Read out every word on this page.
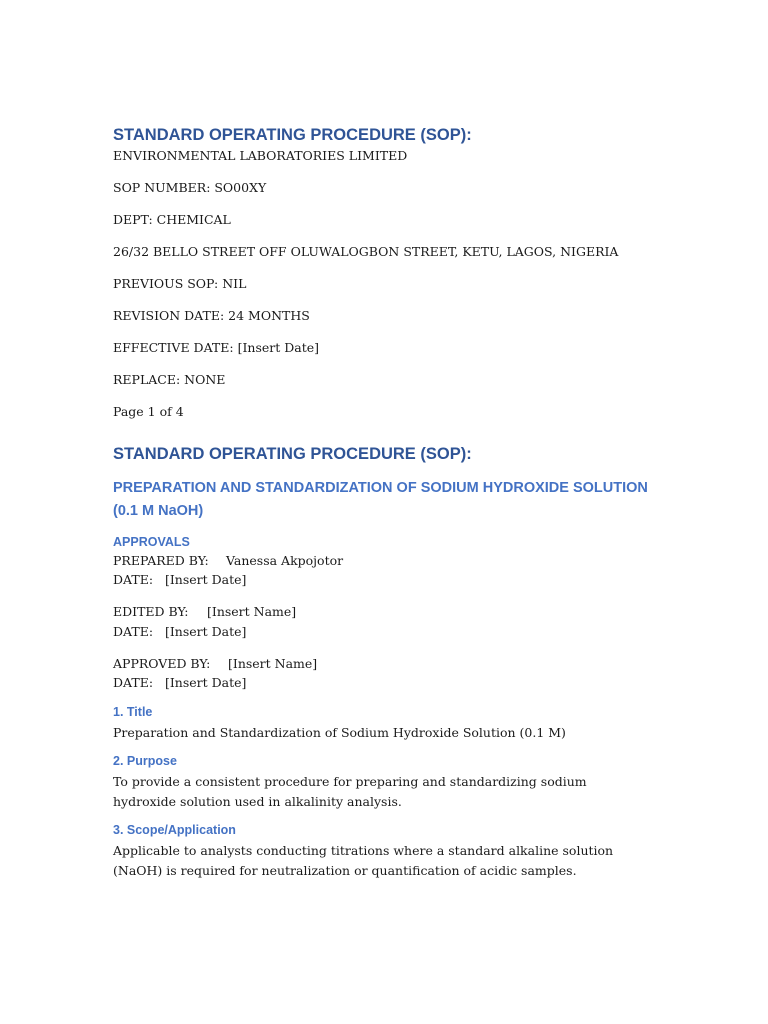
STANDARD OPERATING PROCEDURE (SOP):
ENVIRONMENTAL LABORATORIES LIMITED
SOP NUMBER: SO00XY
DEPT: CHEMICAL
26/32 BELLO STREET OFF OLUWALOGBON STREET, KETU, LAGOS, NIGERIA
PREVIOUS SOP: NIL
REVISION DATE: 24 MONTHS
EFFECTIVE DATE: [Insert Date]
REPLACE: NONE
Page 1 of 4
STANDARD OPERATING PROCEDURE (SOP):
PREPARATION AND STANDARDIZATION OF SODIUM HYDROXIDE SOLUTION (0.1 M NaOH)
APPROVALS
PREPARED BY: Vanessa Akpojotor
DATE:   [Insert Date]
EDITED BY: [Insert Name]
DATE:   [Insert Date]
APPROVED BY: [Insert Name]
DATE:   [Insert Date]
1. Title
Preparation and Standardization of Sodium Hydroxide Solution (0.1 M)
2. Purpose
To provide a consistent procedure for preparing and standardizing sodium hydroxide solution used in alkalinity analysis.
3. Scope/Application
Applicable to analysts conducting titrations where a standard alkaline solution (NaOH) is required for neutralization or quantification of acidic samples.
